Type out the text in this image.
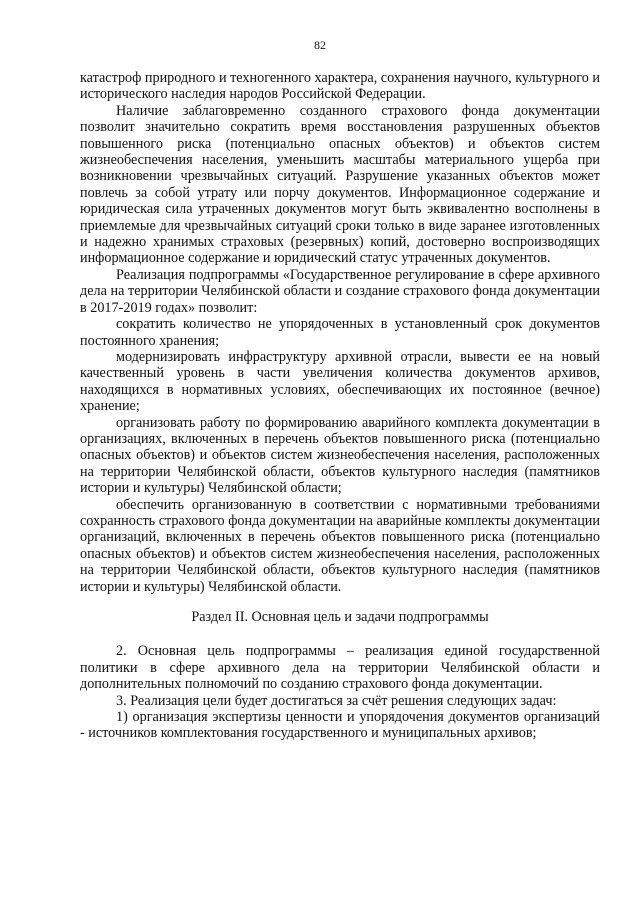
82

катастроф природного и техногенного характера, сохранения научного, культурного и исторического наследия народов Российской Федерации.

Наличие заблаговременно созданного страхового фонда документации позволит значительно сократить время восстановления разрушенных объектов повышенного риска (потенциально опасных объектов) и объектов систем жизнеобеспечения населения, уменьшить масштабы материального ущерба при возникновении чрезвычайных ситуаций. Разрушение указанных объектов может повлечь за собой утрату или порчу документов. Информационное содержание и юридическая сила утраченных документов могут быть эквивалентно восполнены в приемлемые для чрезвычайных ситуаций сроки только в виде заранее изготовленных и надежно хранимых страховых (резервных) копий, достоверно воспроизводящих информационное содержание и юридический статус утраченных документов.

Реализация подпрограммы «Государственное регулирование в сфере архивного дела на территории Челябинской области и создание страхового фонда документации в 2017-2019 годах» позволит:

сократить количество не упорядоченных в установленный срок документов постоянного хранения;

модернизировать инфраструктуру архивной отрасли, вывести ее на новый качественный уровень в части увеличения количества документов архивов, находящихся в нормативных условиях, обеспечивающих их постоянное (вечное) хранение;

организовать работу по формированию аварийного комплекта документации в организациях, включенных в перечень объектов повышенного риска (потенциально опасных объектов) и объектов систем жизнеобеспечения населения, расположенных на территории Челябинской области, объектов культурного наследия (памятников истории и культуры) Челябинской области;

обеспечить организованную в соответствии с нормативными требованиями сохранность страхового фонда документации на аварийные комплекты документации организаций, включенных в перечень объектов повышенного риска (потенциально опасных объектов) и объектов систем жизнеобеспечения населения, расположенных на территории Челябинской области, объектов культурного наследия (памятников истории и культуры) Челябинской области.

Раздел II. Основная цель и задачи подпрограммы

2. Основная цель подпрограммы – реализация единой государственной политики в сфере архивного дела на территории Челябинской области и дополнительных полномочий по созданию страхового фонда документации.

3. Реализация цели будет достигаться за счёт решения следующих задач:

1) организация экспертизы ценности и упорядочения документов организаций - источников комплектования государственного и муниципальных архивов;
